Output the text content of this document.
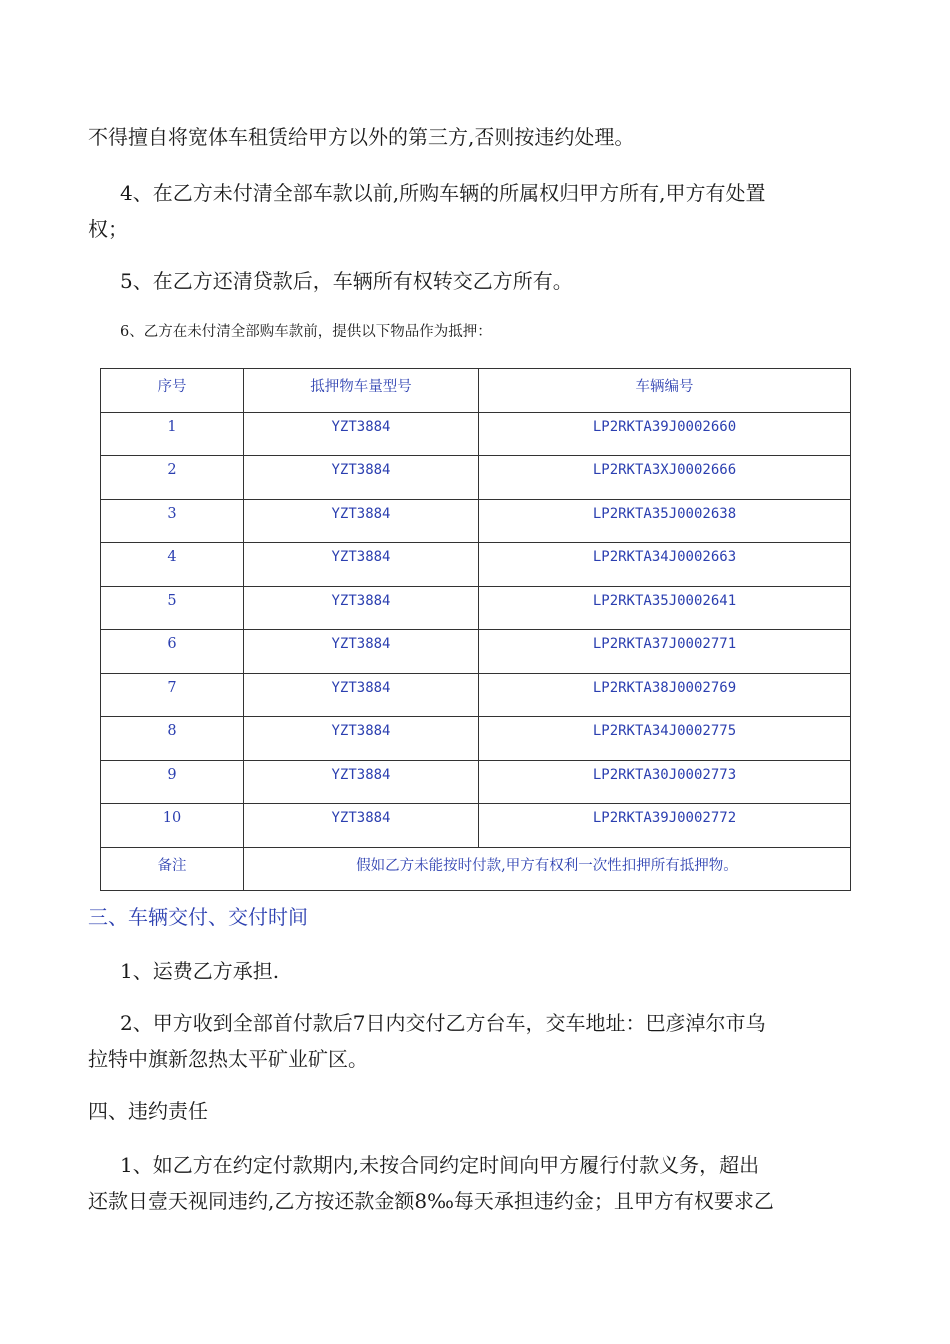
不得擅自将宽体车租赁给甲方以外的第三方,否则按违约处理。
4、在乙方未付清全部车款以前,所购车辆的所属权归甲方所有,甲方有处置
权；
5、在乙方还清贷款后，车辆所有权转交乙方所有。
6、乙方在未付清全部购车款前，提供以下物品作为抵押：
序号	抵押物车量型号	车辆编号
1	YZT3884	LP2RKTA39J0002660
2	YZT3884	LP2RKTA3XJ0002666
3	YZT3884	LP2RKTA35J0002638
4	YZT3884	LP2RKTA34J0002663
5	YZT3884	LP2RKTA35J0002641
6	YZT3884	LP2RKTA37J0002771
7	YZT3884	LP2RKTA38J0002769
8	YZT3884	LP2RKTA34J0002775
9	YZT3884	LP2RKTA30J0002773
10	YZT3884	LP2RKTA39J0002772
备注	假如乙方未能按时付款,甲方有权利一次性扣押所有抵押物。	
三、车辆交付、交付时间
1、运费乙方承担.
2、甲方收到全部首付款后7日内交付乙方台车，交车地址：巴彦淖尔市乌
拉特中旗新忽热太平矿业矿区。
四、违约责任
1、如乙方在约定付款期内,未按合同约定时间向甲方履行付款义务，超出
还款日壹天视同违约,乙方按还款金额8‰每天承担违约金；且甲方有权要求乙
